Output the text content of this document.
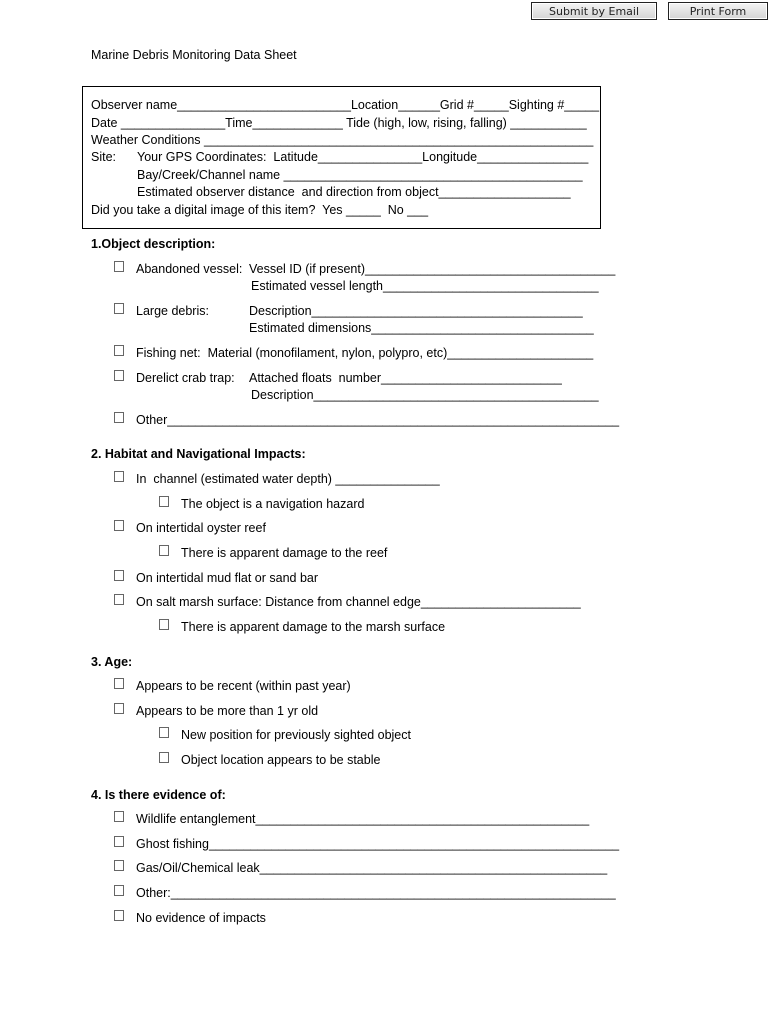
Submit by Email	Print Form
Marine Debris Monitoring Data Sheet
Observer name_________________________Location______Grid #_____Sighting #_____
Date _______________Time_____________ Tide (high, low, rising, falling) ___________
Weather Conditions ________________________________________________________
Site: Your GPS Coordinates:  Latitude_______________Longitude________________
Bay/Creek/Channel name ___________________________________________
Estimated observer distance  and direction from object___________________
Did you take a digital image of this item?  Yes _____  No ___
1.Object description:
Abandoned vessel: Vessel ID (if present)____________________________________
Estimated vessel length_______________________________
Large debris:	Description_______________________________________
Estimated dimensions________________________________
Fishing net:  Material (monofilament, nylon, polypro, etc)_____________________
Derelict crab trap: Attached floats  number__________________________
Description_________________________________________
Other_________________________________________________________________
2. Habitat and Navigational Impacts:
In  channel (estimated water depth) _______________
The object is a navigation hazard
On intertidal oyster reef
There is apparent damage to the reef
On intertidal mud flat or sand bar
On salt marsh surface: Distance from channel edge_______________________
There is apparent damage to the marsh surface
3. Age:
Appears to be recent (within past year)
Appears to be more than 1 yr old
New position for previously sighted object
Object location appears to be stable
4. Is there evidence of:
Wildlife entanglement________________________________________________
Ghost fishing___________________________________________________________
Gas/Oil/Chemical leak__________________________________________________
Other:________________________________________________________________
No evidence of impacts
